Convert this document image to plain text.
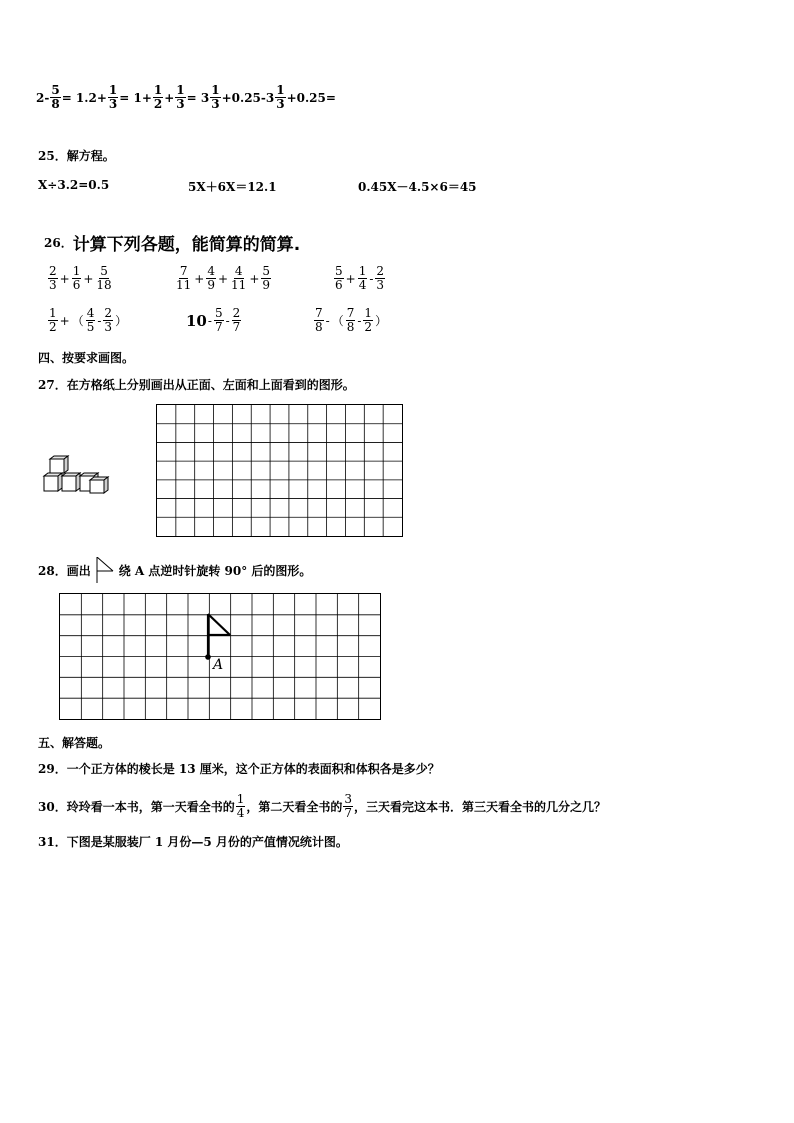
$2 - \frac{5}{8} = 1.2+ \frac{1}{3} = 1+ \frac{1}{2} + \frac{1}{3} = 3 \frac{1}{3} +0.25-3 \frac{1}{3} +0.25=$
25．解方程。
X÷3.2=0.5	5X＋6X＝12.1	0.45X－4.5×6＝45
26． 计算下列各题，能简算的简算.
$\frac{2}{3} + \frac{1}{6} + \frac{5}{18}$	$\frac{7}{11} + \frac{4}{9} + \frac{4}{11} + \frac{5}{9}$	$\frac{5}{6} + \frac{1}{4} - \frac{2}{3}$
$\frac{1}{2}$ + （ $\frac{4}{5} - \frac{2}{3}$ ）	$10 - \frac{5}{7} - \frac{2}{7}$	$\frac{7}{8}$ - （ $\frac{7}{8} - \frac{1}{2}$ ）
四、按要求画图。
27．在方格纸上分别画出从正面、左面和上面看到的图形。
28．画出 绕 A 点逆时针旋转 90° 后的图形。
A
五、解答题。
29．一个正方体的棱长是 13 厘米，这个正方体的表面积和体积各是多少？
30．玲玲看一本书，第一天看全书的 $\frac{1}{4}$ ，第二天看全书的 $\frac{3}{7}$ ，三天看完这本书．第三天看全书的几分之几？
31．下图是某服装厂 1 月份—5 月份的产值情况统计图。
